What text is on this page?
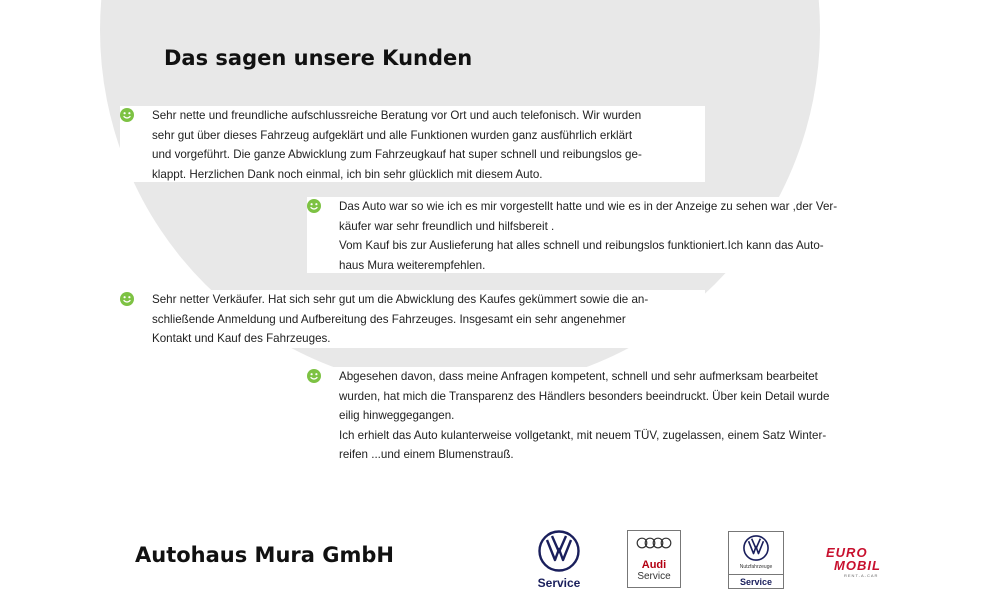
Das sagen unsere Kunden

Sehr nette und freundliche aufschlussreiche Beratung vor Ort und auch telefonisch. Wir wurden

sehr gut über dieses Fahrzeug aufgeklärt und alle Funktionen wurden ganz ausführlich erklärt

und vorgeführt. Die ganze Abwicklung zum Fahrzeugkauf hat super schnell und reibungslos ge-

klappt. Herzlichen Dank noch einmal, ich bin sehr glücklich mit diesem Auto.

Das Auto war so wie ich es mir vorgestellt hatte und wie es in der Anzeige zu sehen war ,der Ver-

käufer war sehr freundlich und hilfsbereit .

Vom Kauf bis zur Auslieferung hat alles schnell und reibungslos funktioniert.Ich kann das Auto-

haus Mura weiterempfehlen.

Sehr netter Verkäufer. Hat sich sehr gut um die Abwicklung des Kaufes gekümmert sowie die an-

schließende Anmeldung und Aufbereitung des Fahrzeuges. Insgesamt ein sehr angenehmer

Kontakt und Kauf des Fahrzeuges.

Abgesehen davon, dass meine Anfragen kompetent, schnell und sehr aufmerksam bearbeitet

wurden, hat mich die Transparenz des Händlers besonders beeindruckt. Über kein Detail wurde

eilig hinweggegangen.

Ich erhielt das Auto kulanterweise vollgetankt, mit neuem TÜV, zugelassen, einem Satz Winter-

reifen ...und einem Blumenstrauß.

Autohaus Mura GmbH
Service
Audi
Service
Nutzfahrzeuge
Service
EURO
MOBIL
RENT-A-CAR
